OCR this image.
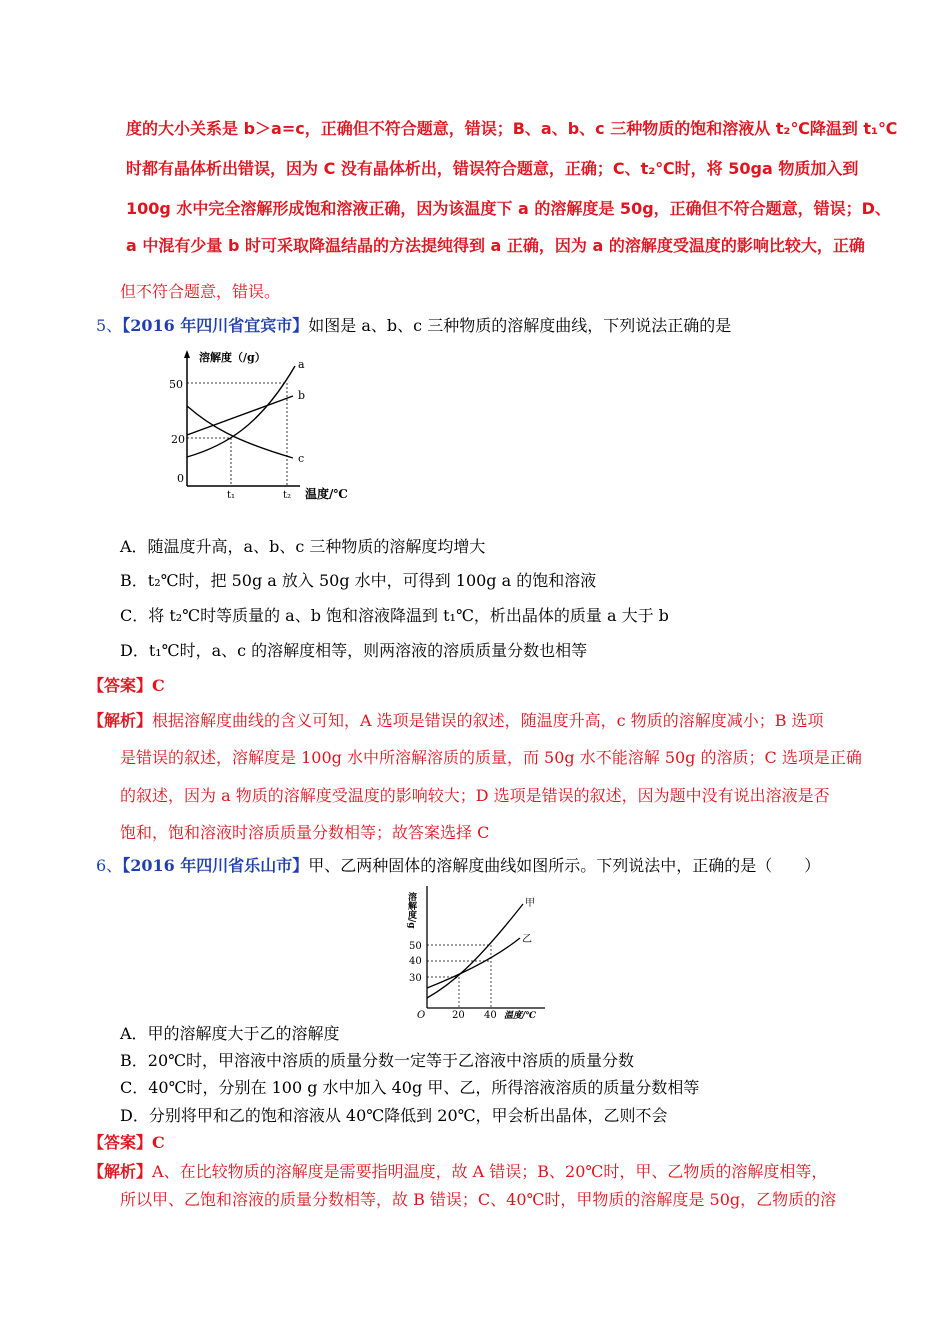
度的大小关系是 b＞a=c，正确但不符合题意，错误；B、a、b、c 三种物质的饱和溶液从 t₂℃降温到 t₁℃
时都有晶体析出错误，因为 C 没有晶体析出，错误符合题意，正确；C、t₂℃时，将 50ga 物质加入到
100g 水中完全溶解形成饱和溶液正确，因为该温度下 a 的溶解度是 50g，正确但不符合题意，错误；D、
a 中混有少量 b 时可采取降温结晶的方法提纯得到 a 正确，因为 a 的溶解度受温度的影响比较大，正确
但不符合题意，错误。
5、【2016 年四川省宜宾市】如图是 a、b、c 三种物质的溶解度曲线，下列说法正确的是
溶解度（/g）
50
20
0
a
b
c
t₁	t₂ 温度/℃
A．随温度升高，a、b、c 三种物质的溶解度均增大
B．t₂℃时，把 50g a 放入 50g 水中，可得到 100g a 的饱和溶液
C．将 t₂℃时等质量的 a、b 饱和溶液降温到 t₁℃，析出晶体的质量 a 大于 b
D．t₁℃时，a、c 的溶解度相等，则两溶液的溶质质量分数也相等
【答案】C
【解析】根据溶解度曲线的含义可知，A 选项是错误的叙述，随温度升高，c 物质的溶解度减小；B 选项
是错误的叙述，溶解度是 100g 水中所溶解溶质的质量，而 50g 水不能溶解 50g 的溶质；C 选项是正确
的叙述，因为 a 物质的溶解度受温度的影响较大；D 选项是错误的叙述，因为题中没有说出溶液是否
饱和，饱和溶液时溶质质量分数相等；故答案选择 C
6、【2016 年四川省乐山市】甲、乙两种固体的溶解度曲线如图所示。下列说法中，正确的是（　　）
溶解度/g
50
40
30
O
甲
乙
20 40 温度/℃
A．甲的溶解度大于乙的溶解度
B．20℃时，甲溶液中溶质的质量分数一定等于乙溶液中溶质的质量分数
C．40℃时，分别在 100 g 水中加入 40g 甲、乙，所得溶液溶质的质量分数相等
D．分别将甲和乙的饱和溶液从 40℃降低到 20℃，甲会析出晶体，乙则不会
【答案】C
【解析】A、在比较物质的溶解度是需要指明温度，故 A 错误；B、20℃时，甲、乙物质的溶解度相等，
所以甲、乙饱和溶液的质量分数相等，故 B 错误；C、40℃时，甲物质的溶解度是 50g，乙物质的溶
